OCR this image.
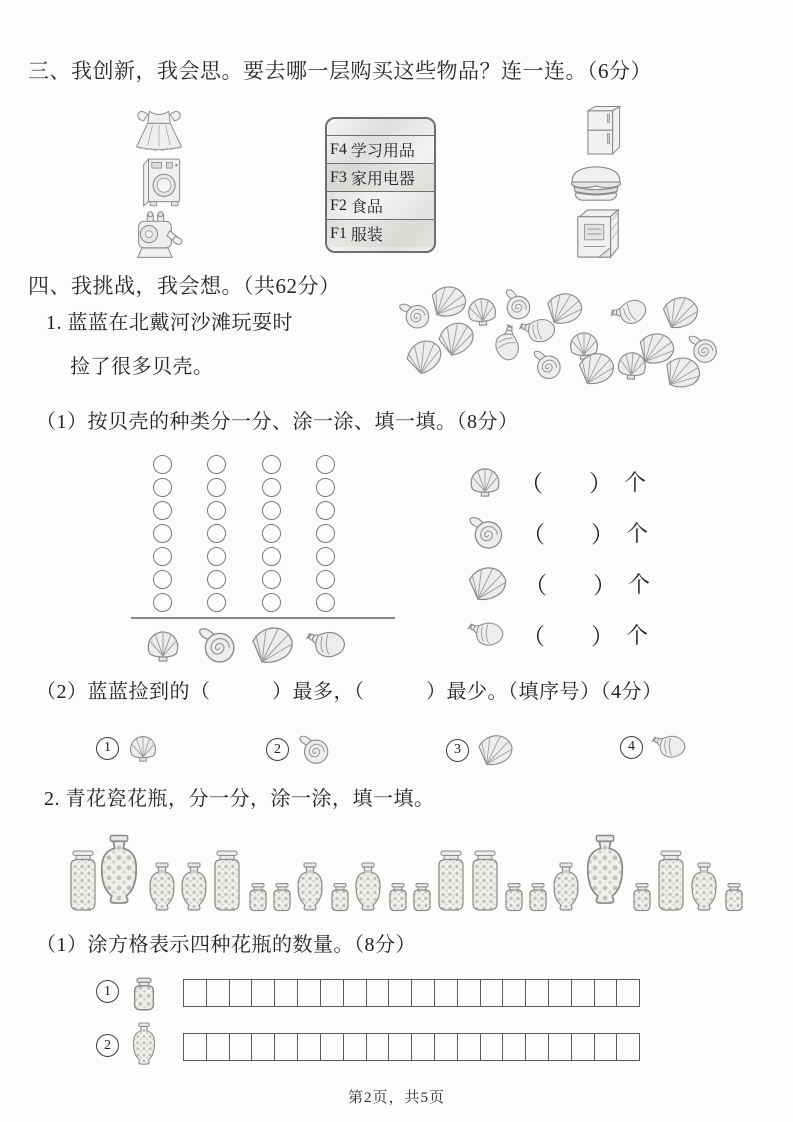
三、我创新，我会思。要去哪一层购买这些物品？连一连。（6分）
F4
学习用品
F3
家用电器
F2
食品
F1
服装
四、我挑战，我会想。（共62分）
1. 蓝蓝在北戴河沙滩玩耍时
捡了很多贝壳。
（1）按贝壳的种类分一分、涂一涂、填一填。（8分）
（ ） 个
（ ） 个
（ ） 个
（ ） 个
（2）蓝蓝捡到的（　　　）最多，（　　　）最少。（填序号）（4分）
1	2	3	4
2. 青花瓷花瓶，分一分，涂一涂，填一填。
（1）涂方格表示四种花瓶的数量。（8分）
1
2
第2页，共5页
